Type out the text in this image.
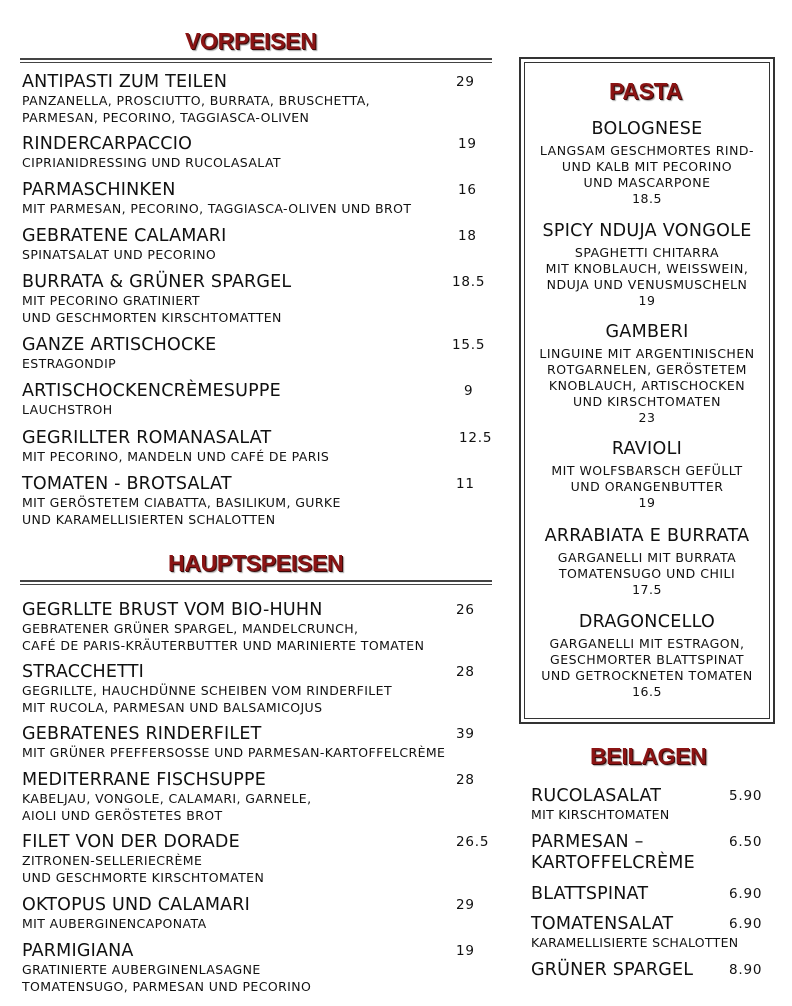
VORPEISEN
ANTIPASTI ZUM TEILEN
PANZANELLA, PROSCIUTTO, BURRATA, BRUSCHETTA,
PARMESAN, PECORINO, TAGGIASCA-OLIVEN
29
RINDERCARPACCIO
CIPRIANIDRESSING UND RUCOLASALAT
19
PARMASCHINKEN
MIT PARMESAN, PECORINO, TAGGIASCA-OLIVEN UND BROT
16
GEBRATENE CALAMARI
SPINATSALAT UND PECORINO
18
BURRATA & GRÜNER SPARGEL
MIT PECORINO GRATINIERT
UND GESCHMORTEN KIRSCHTOMATTEN
18.5
GANZE ARTISCHOCKE
ESTRAGONDIP
15.5
ARTISCHOCKENCRÈMESUPPE
LAUCHSTROH
9
GEGRILLTER ROMANASALAT
MIT PECORINO, MANDELN UND CAFÉ DE PARIS
12.5
TOMATEN - BROTSALAT
MIT GERÖSTETEM CIABATTA, BASILIKUM, GURKE
UND KARAMELLISIERTEN SCHALOTTEN
11
HAUPTSPEISEN
GEGRLLTE BRUST VOM BIO-HUHN
GEBRATENER GRÜNER SPARGEL, MANDELCRUNCH,
CAFÉ DE PARIS-KRÄUTERBUTTER UND MARINIERTE TOMATEN
26
STRACCHETTI
GEGRILLTE, HAUCHDÜNNE SCHEIBEN VOM RINDERFILET
MIT RUCOLA, PARMESAN UND BALSAMICOJUS
28
GEBRATENES RINDERFILET
MIT GRÜNER PFEFFERSOSSE UND PARMESAN-KARTOFFELCRÈME
39
MEDITERRANE FISCHSUPPE
KABELJAU, VONGOLE, CALAMARI, GARNELE,
AIOLI UND GERÖSTETES BROT
28
FILET VON DER DORADE
ZITRONEN-SELLERIECRÈME
UND GESCHMORTE KIRSCHTOMATEN
26.5
OKTOPUS UND CALAMARI
MIT AUBERGINENCAPONATA
29
PARMIGIANA
GRATINIERTE AUBERGINENLASAGNE
TOMATENSUGO, PARMESAN UND PECORINO
19
PASTA
BOLOGNESE
LANGSAM GESCHMORTES RIND-
UND KALB MIT PECORINO
UND MASCARPONE
18.5
SPICY NDUJA VONGOLE
SPAGHETTI CHITARRA
MIT KNOBLAUCH, WEISSWEIN,
NDUJA UND VENUSMUSCHELN
19
GAMBERI
LINGUINE MIT ARGENTINISCHEN
ROTGARNELEN, GERÖSTETEM
KNOBLAUCH, ARTISCHOCKEN
UND KIRSCHTOMATEN
23
RAVIOLI
MIT WOLFSBARSCH GEFÜLLT
UND ORANGENBUTTER
19
ARRABIATA E BURRATA
GARGANELLI MIT BURRATA
TOMATENSUGO UND CHILI
17.5
DRAGONCELLO
GARGANELLI MIT ESTRAGON,
GESCHMORTER BLATTSPINAT
UND GETROCKNETEN TOMATEN
16.5
BEILAGEN
RUCOLASALAT
MIT KIRSCHTOMATEN
5.90
PARMESAN –
KARTOFFELCRÈME
6.50
BLATTSPINAT	6.90
TOMATENSALAT
KARAMELLISIERTE SCHALOTTEN
6.90
GRÜNER SPARGEL	8.90
